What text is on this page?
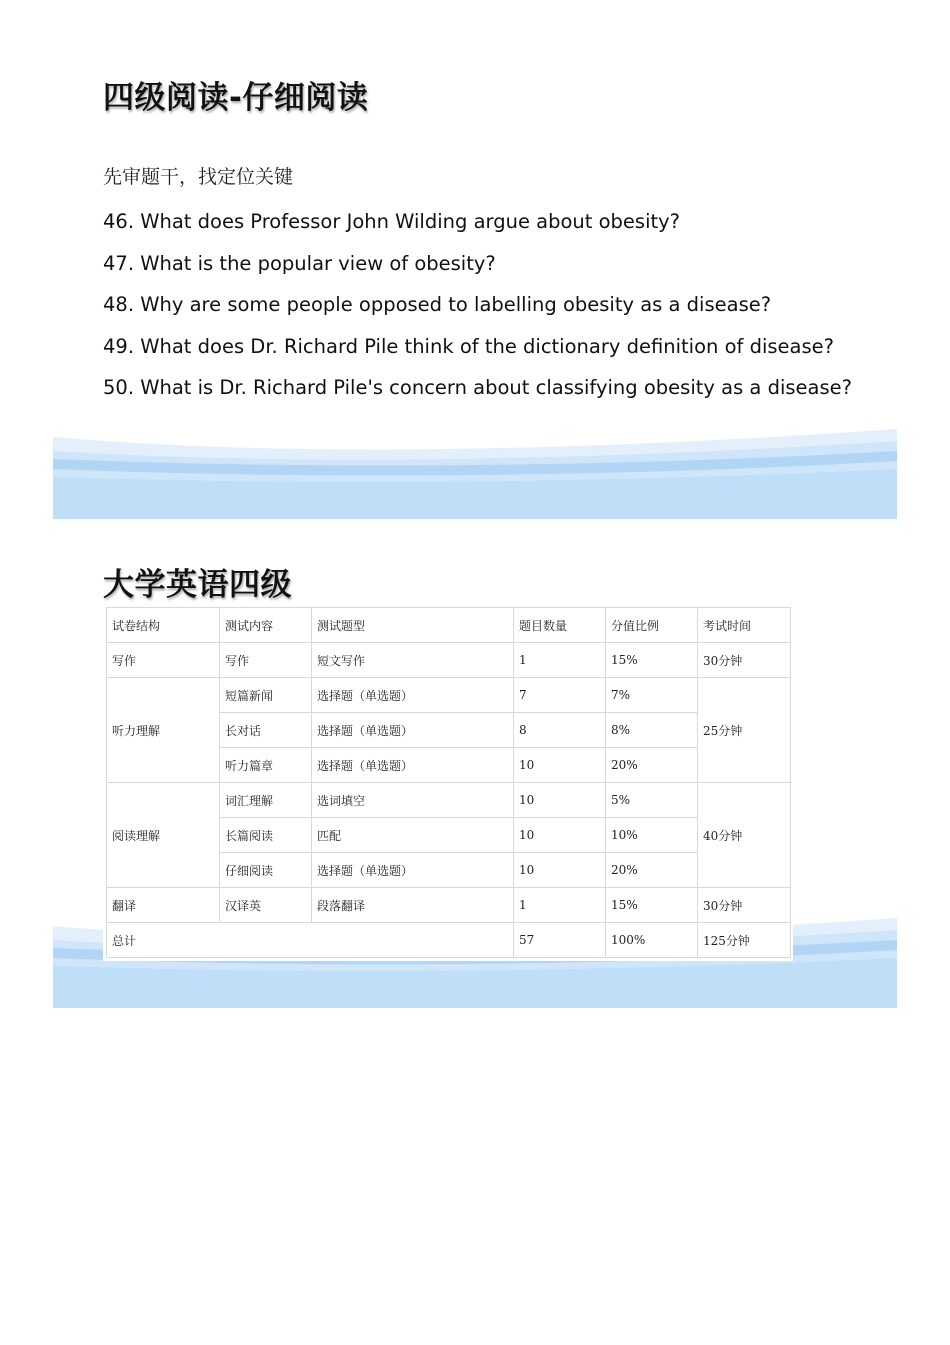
四级阅读-仔细阅读
先审题干，找定位关键
46. What does Professor John Wilding argue about obesity?
47. What is the popular view of obesity?
48. Why are some people opposed to labelling obesity as a disease?
49. What does Dr. Richard Pile think of the dictionary definition of disease?
50. What is Dr. Richard Pile's concern about classifying obesity as a disease?
大学英语四级
试卷结构	测试内容	测试题型	题目数量	分值比例	考试时间
写作	写作	短文写作	1	15%	30分钟
听力理解	短篇新闻	选择题（单选题）	7	7%	25分钟
	长对话	选择题（单选题）	8	8%	
	听力篇章	选择题（单选题）	10	20%	
阅读理解	词汇理解	选词填空	10	5%	40分钟
	长篇阅读	匹配	10	10%	
	仔细阅读	选择题（单选题）	10	20%	
翻译	汉译英	段落翻译	1	15%	30分钟
总计			57	100%	125分钟
